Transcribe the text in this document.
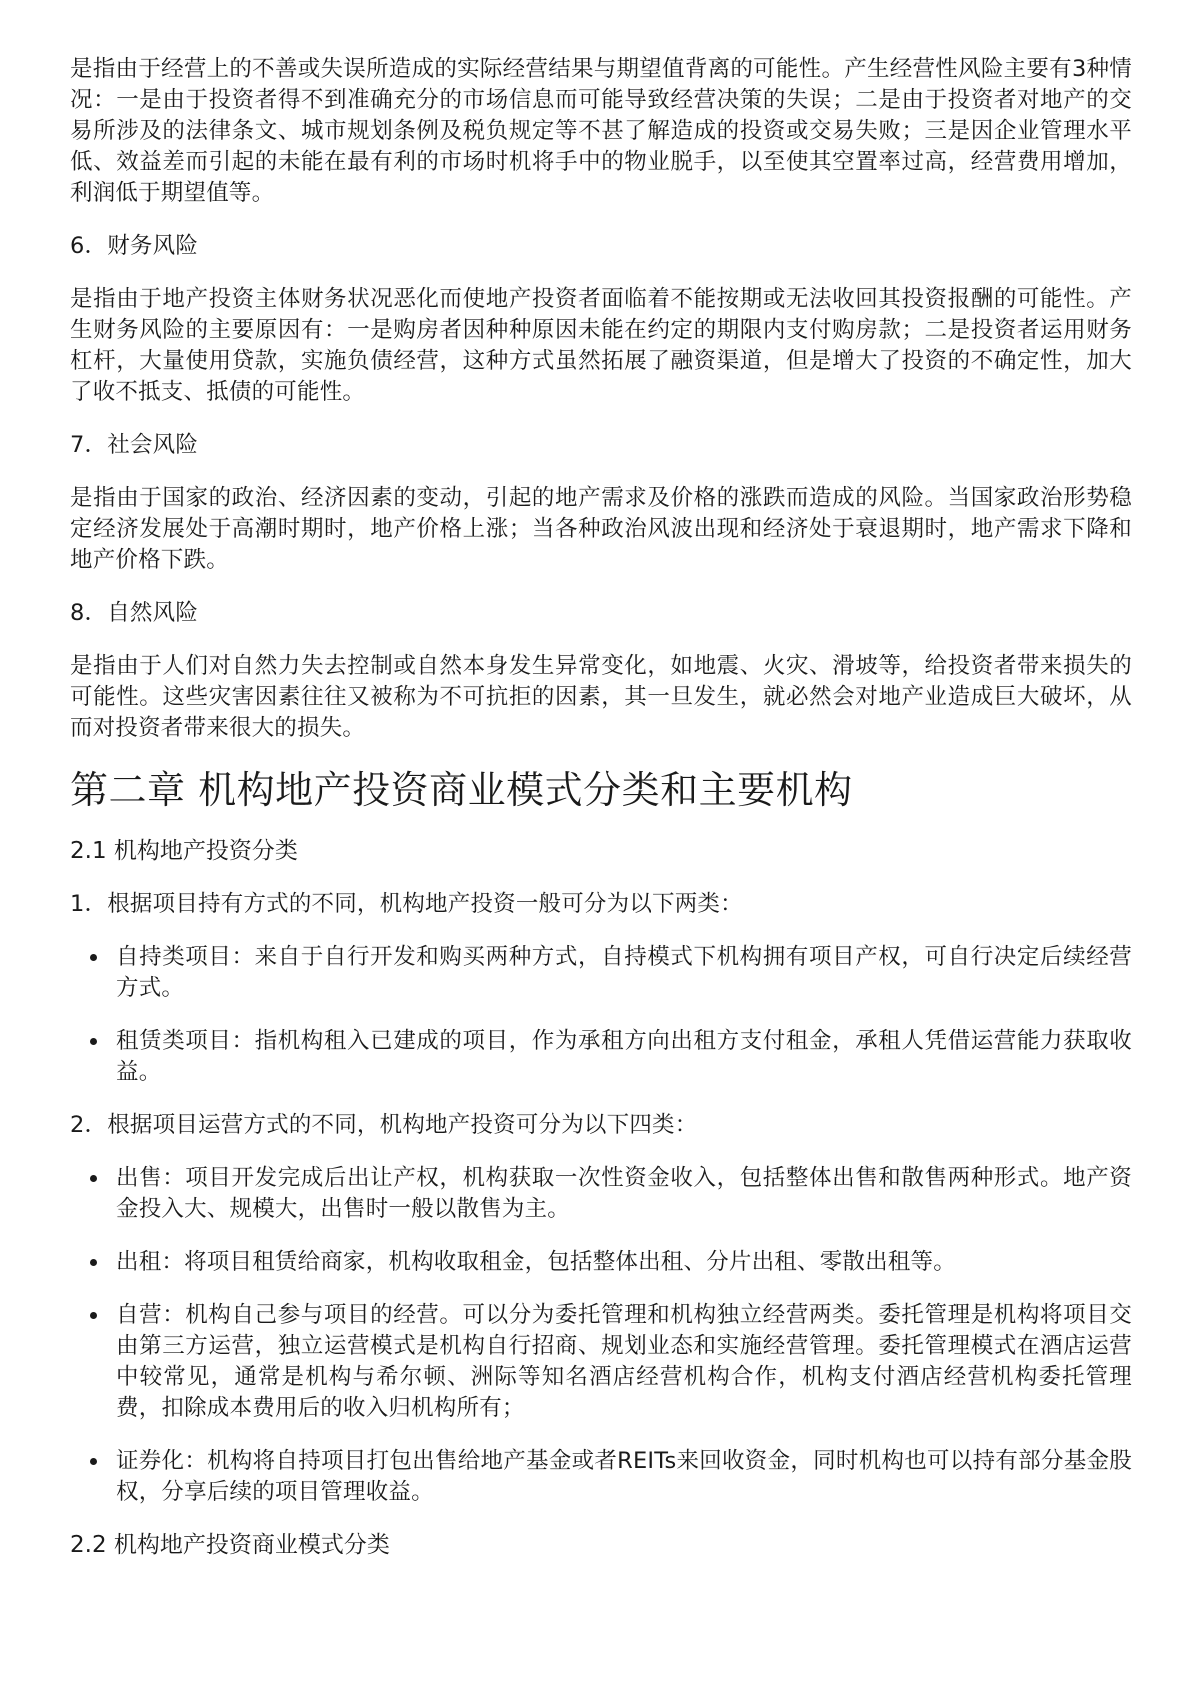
是指由于经营上的不善或失误所造成的实际经营结果与期望值背离的可能性。产生经营性风险主要有3种情况：一是由于投资者得不到准确充分的市场信息而可能导致经营决策的失误；二是由于投资者对地产的交易所涉及的法律条文、城市规划条例及税负规定等不甚了解造成的投资或交易失败；三是因企业管理水平低、效益差而引起的未能在最有利的市场时机将手中的物业脱手，以至使其空置率过高，经营费用增加，利润低于期望值等。

6．财务风险

是指由于地产投资主体财务状况恶化而使地产投资者面临着不能按期或无法收回其投资报酬的可能性。产生财务风险的主要原因有：一是购房者因种种原因未能在约定的期限内支付购房款；二是投资者运用财务杠杆，大量使用贷款，实施负债经营，这种方式虽然拓展了融资渠道，但是增大了投资的不确定性，加大了收不抵支、抵债的可能性。

7．社会风险

是指由于国家的政治、经济因素的变动，引起的地产需求及价格的涨跌而造成的风险。当国家政治形势稳定经济发展处于高潮时期时，地产价格上涨；当各种政治风波出现和经济处于衰退期时，地产需求下降和地产价格下跌。

8．自然风险

是指由于人们对自然力失去控制或自然本身发生异常变化，如地震、火灾、滑坡等，给投资者带来损失的可能性。这些灾害因素往往又被称为不可抗拒的因素，其一旦发生，就必然会对地产业造成巨大破坏，从而对投资者带来很大的损失。

第二章 机构地产投资商业模式分类和主要机构
2.1 机构地产投资分类

1．根据项目持有方式的不同，机构地产投资一般可分为以下两类：

自持类项目：来自于自行开发和购买两种方式，自持模式下机构拥有项目产权，可自行决定后续经营方式。
租赁类项目：指机构租入已建成的项目，作为承租方向出租方支付租金，承租人凭借运营能力获取收益。

2．根据项目运营方式的不同，机构地产投资可分为以下四类：

出售：项目开发完成后出让产权，机构获取一次性资金收入，包括整体出售和散售两种形式。地产资金投入大、规模大，出售时一般以散售为主。
出租：将项目租赁给商家，机构收取租金，包括整体出租、分片出租、零散出租等。
自营：机构自己参与项目的经营。可以分为委托管理和机构独立经营两类。委托管理是机构将项目交由第三方运营，独立运营模式是机构自行招商、规划业态和实施经营管理。委托管理模式在酒店运营中较常见，通常是机构与希尔顿、洲际等知名酒店经营机构合作，机构支付酒店经营机构委托管理费，扣除成本费用后的收入归机构所有；
证券化：机构将自持项目打包出售给地产基金或者REITs来回收资金，同时机构也可以持有部分基金股权，分享后续的项目管理收益。
2.2 机构地产投资商业模式分类
